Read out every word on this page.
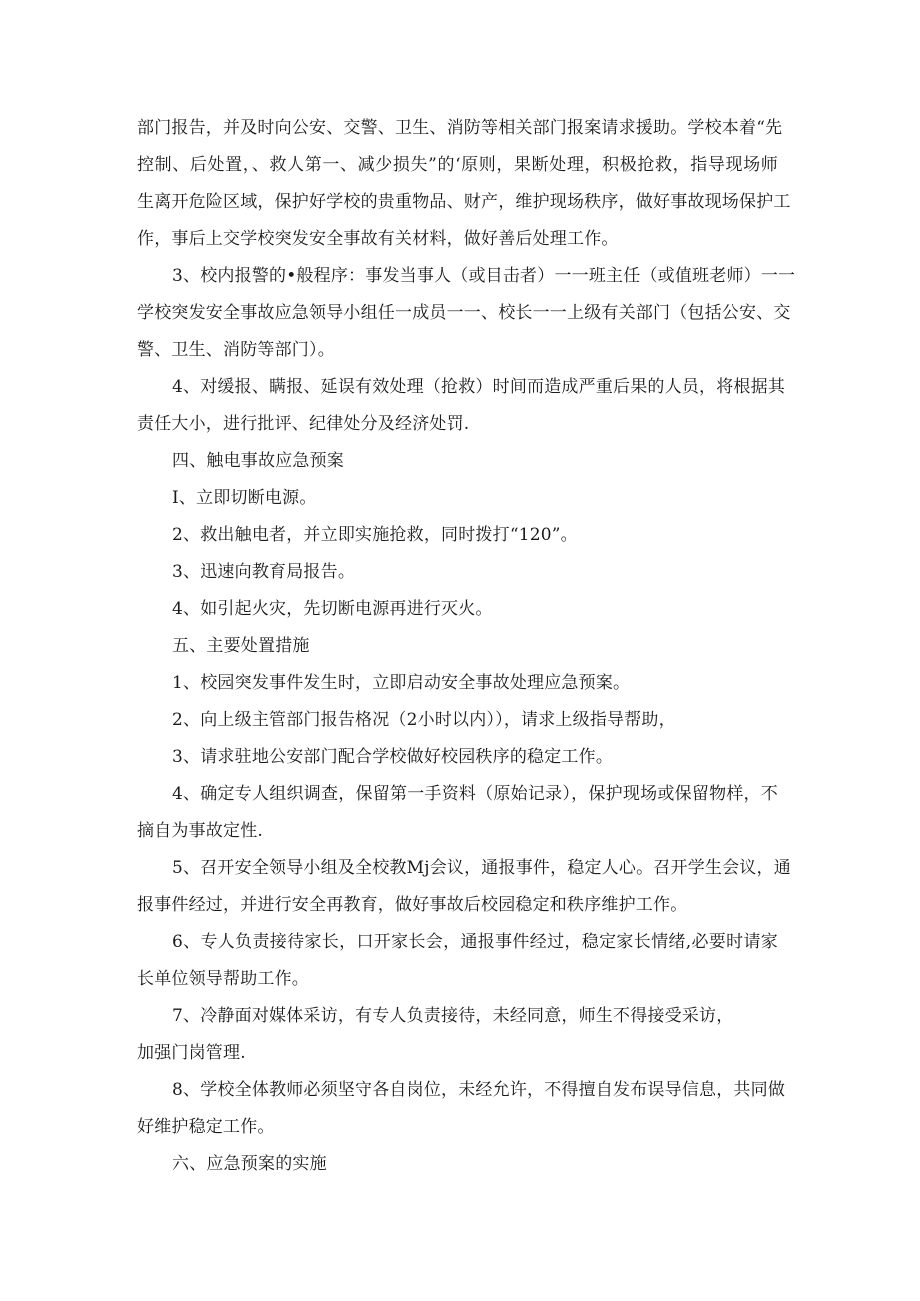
部门报告，并及时向公安、交警、卫生、消防等相关部门报案请求援助。学校本着“先
控制、后处置，、救人第一、减少损失”的‘原则，果断处理，积极抢救，指导现场师
生离开危险区域，保护好学校的贵重物品、财产，维护现场秩序，做好事故现场保护工
作，事后上交学校突发安全事故有关材料，做好善后处理工作。
3、校内报警的•般程序：事发当事人（或目击者）一一班主任（或值班老师）一一
学校突发安全事故应急领导小组任一成员一一、校长一一上级有关部门（包括公安、交
警、卫生、消防等部门）。
4、对缓报、瞒报、延误有效处理（抢救）时间而造成严重后果的人员，将根据其
责任大小，进行批评、纪律处分及经济处罚.
四、触电事故应急预案
I、立即切断电源。
2、救出触电者，并立即实施抢救，同时拨打“120”。
3、迅速向教育局报告。
4、如引起火灾，先切断电源再进行灭火。
五、主要处置措施
1、校园突发事件发生时，立即启动安全事故处理应急预案。
2、向上级主管部门报告格况（2小时以内）），请求上级指导帮助，
3、请求驻地公安部门配合学校做好校园秩序的稳定工作。
4、确定专人组织调查，保留第一手资料（原始记录），保护现场或保留物样，不
摘自为事故定性.
5、召开安全领导小组及全校教Mj会议，通报事件，稳定人心。召开学生会议，通
报事件经过，并进行安全再教育，做好事故后校园稳定和秩序维护工作。
6、专人负责接待家长，口开家长会，通报事件经过，稳定家长情绪,必要时请家
长单位领导帮助工作。
7、冷静面对媒体采访，有专人负责接待，未经同意，师生不得接受采访，
加强门岗管理.
8、学校全体教师必须坚守各自岗位，未经允许，不得擅自发布误导信息，共同做
好维护稳定工作。
六、应急预案的实施
